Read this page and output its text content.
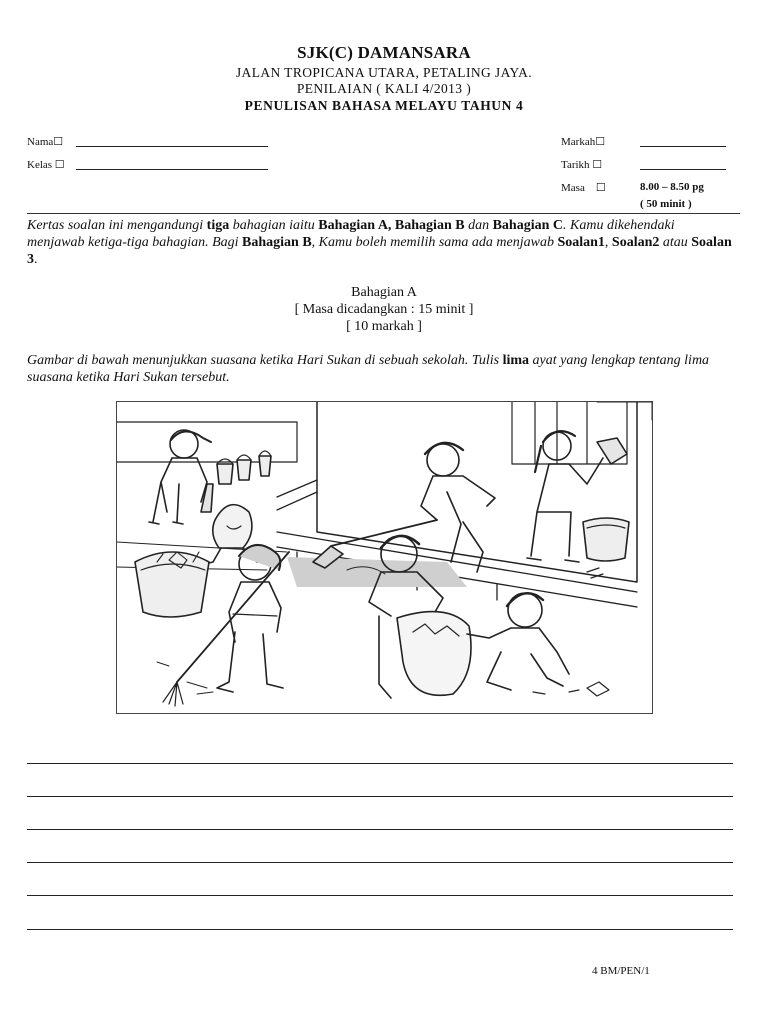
SJK(C) DAMANSARA
JALAN TROPICANA UTARA, PETALING JAYA.
PENILAIAN ( KALI 4/2013 )
PENULISAN BAHASA MELAYU TAHUN 4
Nama☐
Kelas ☐
Markah☐
Tarikh ☐
Masa    ☐	8.00 – 8.50 pg
( 50 minit )
Kertas soalan ini mengandungi tiga bahagian iaitu Bahagian A, Bahagian B dan Bahagian C. Kamu dikehendaki menjawab ketiga-tiga bahagian. Bagi Bahagian B, Kamu boleh memilih sama ada menjawab Soalan1, Soalan2 atau Soalan 3.
Bahagian A
[ Masa dicadangkan : 15 minit ]
[ 10 markah ]
Gambar di bawah menunjukkan suasana ketika Hari Sukan di sebuah sekolah. Tulis lima ayat yang lengkap tentang lima suasana ketika Hari Sukan tersebut.
4 BM/PEN/1
